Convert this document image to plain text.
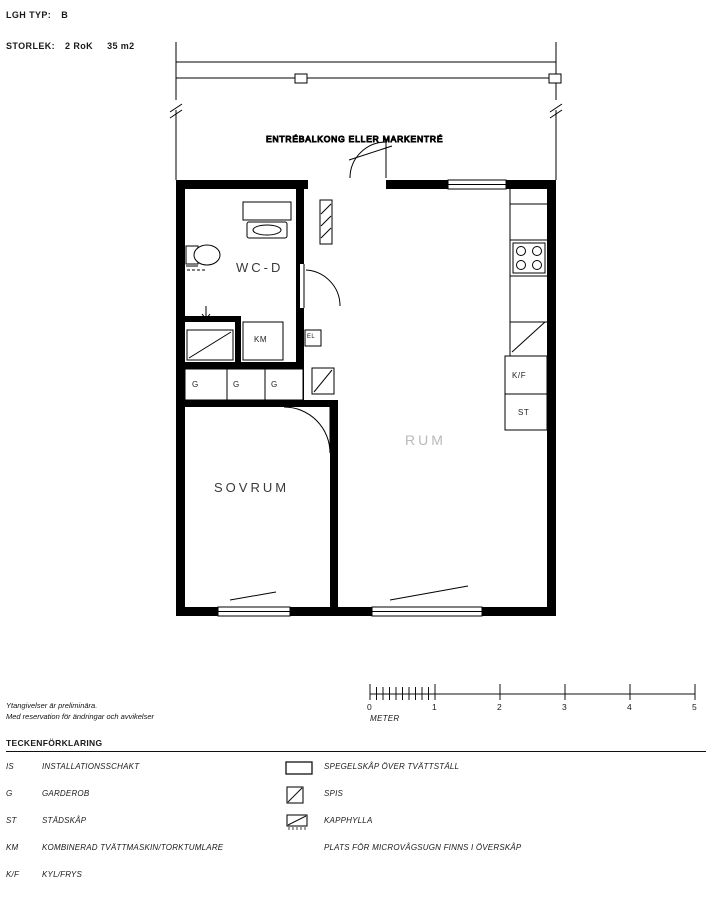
LGH TYP: B
STORLEK: 2 RoK 35 m2
ENTRÉBALKONG ELLER MARKENTRÉ
WC-D
RUM
SOVRUM
KM
G	G	G
EL
K/F
ST
Ytangivelser är preliminära.
Med reservation för ändringar och avvikelser
0	1	2	3	4	5
METER
TECKENFÖRKLARING
IS	INSTALLATIONSSCHAKT	SPEGELSKÅP ÖVER TVÄTTSTÄLL
G	GARDEROB	SPIS
ST	STÄDSKÅP	KAPPHYLLA
KM	KOMBINERAD TVÄTTMASKIN/TORKTUMLARE	PLATS FÖR MICROVÅGSUGN FINNS I ÖVERSKÅP
K/F	KYL/FRYS
